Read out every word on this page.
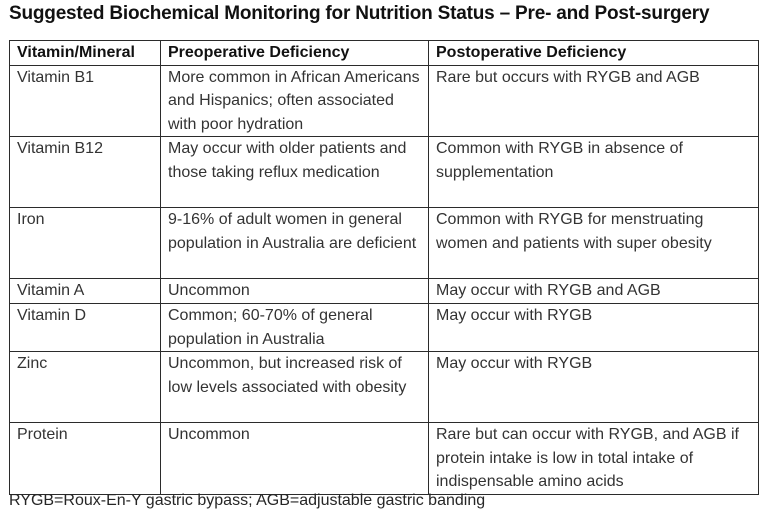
Suggested Biochemical Monitoring for Nutrition Status – Pre- and Post-surgery
Vitamin/Mineral	Preoperative Deficiency	Postoperative Deficiency
Vitamin B1	More common in African Americans and Hispanics; often associated with poor hydration	Rare but occurs with RYGB and AGB
Vitamin B12	May occur with older patients and those taking reflux medication	Common with RYGB in absence of supplementation
Iron	9-16% of adult women in general population in Australia are deficient	Common with RYGB for menstruating women and patients with super obesity
Vitamin A	Uncommon	May occur with RYGB and AGB
Vitamin D	Common; 60-70% of general population in Australia	May occur with RYGB
Zinc	Uncommon, but increased risk of low levels associated with obesity	May occur with RYGB
Protein	Uncommon	Rare but can occur with RYGB, and AGB if protein intake is low in total intake of indispensable amino acids
RYGB=Roux-En-Y gastric bypass; AGB=adjustable gastric banding
